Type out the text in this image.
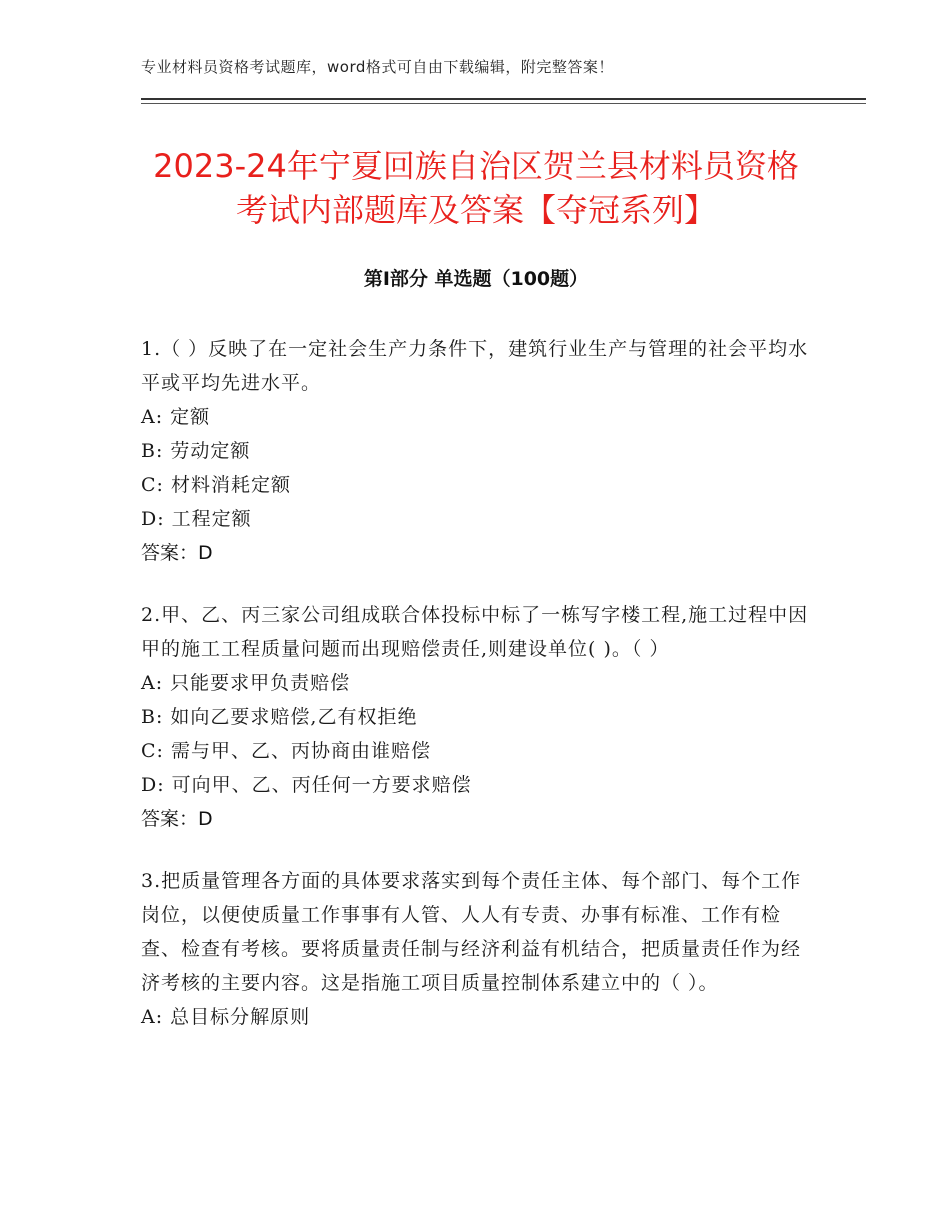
专业材料员资格考试题库，word格式可自由下载编辑，附完整答案！
2023-24年宁夏回族自治区贺兰县材料员资格考试内部题库及答案【夺冠系列】
第Ⅰ部分 单选题（100题）

1.（ ）反映了在一定社会生产力条件下，建筑行业生产与管理的社会平均水平或平均先进水平。

A: 定额

B: 劳动定额

C: 材料消耗定额

D: 工程定额

答案：D

2.甲、乙、丙三家公司组成联合体投标中标了一栋写字楼工程,施工过程中因甲的施工工程质量问题而出现赔偿责任,则建设单位( )。（ ）

A: 只能要求甲负责赔偿

B: 如向乙要求赔偿,乙有权拒绝

C: 需与甲、乙、丙协商由谁赔偿

D: 可向甲、乙、丙任何一方要求赔偿

答案：D

3.把质量管理各方面的具体要求落实到每个责任主体、每个部门、每个工作岗位，以便使质量工作事事有人管、人人有专责、办事有标准、工作有检查、检查有考核。要将质量责任制与经济利益有机结合，把质量责任作为经济考核的主要内容。这是指施工项目质量控制体系建立中的（ ）。

A: 总目标分解原则
